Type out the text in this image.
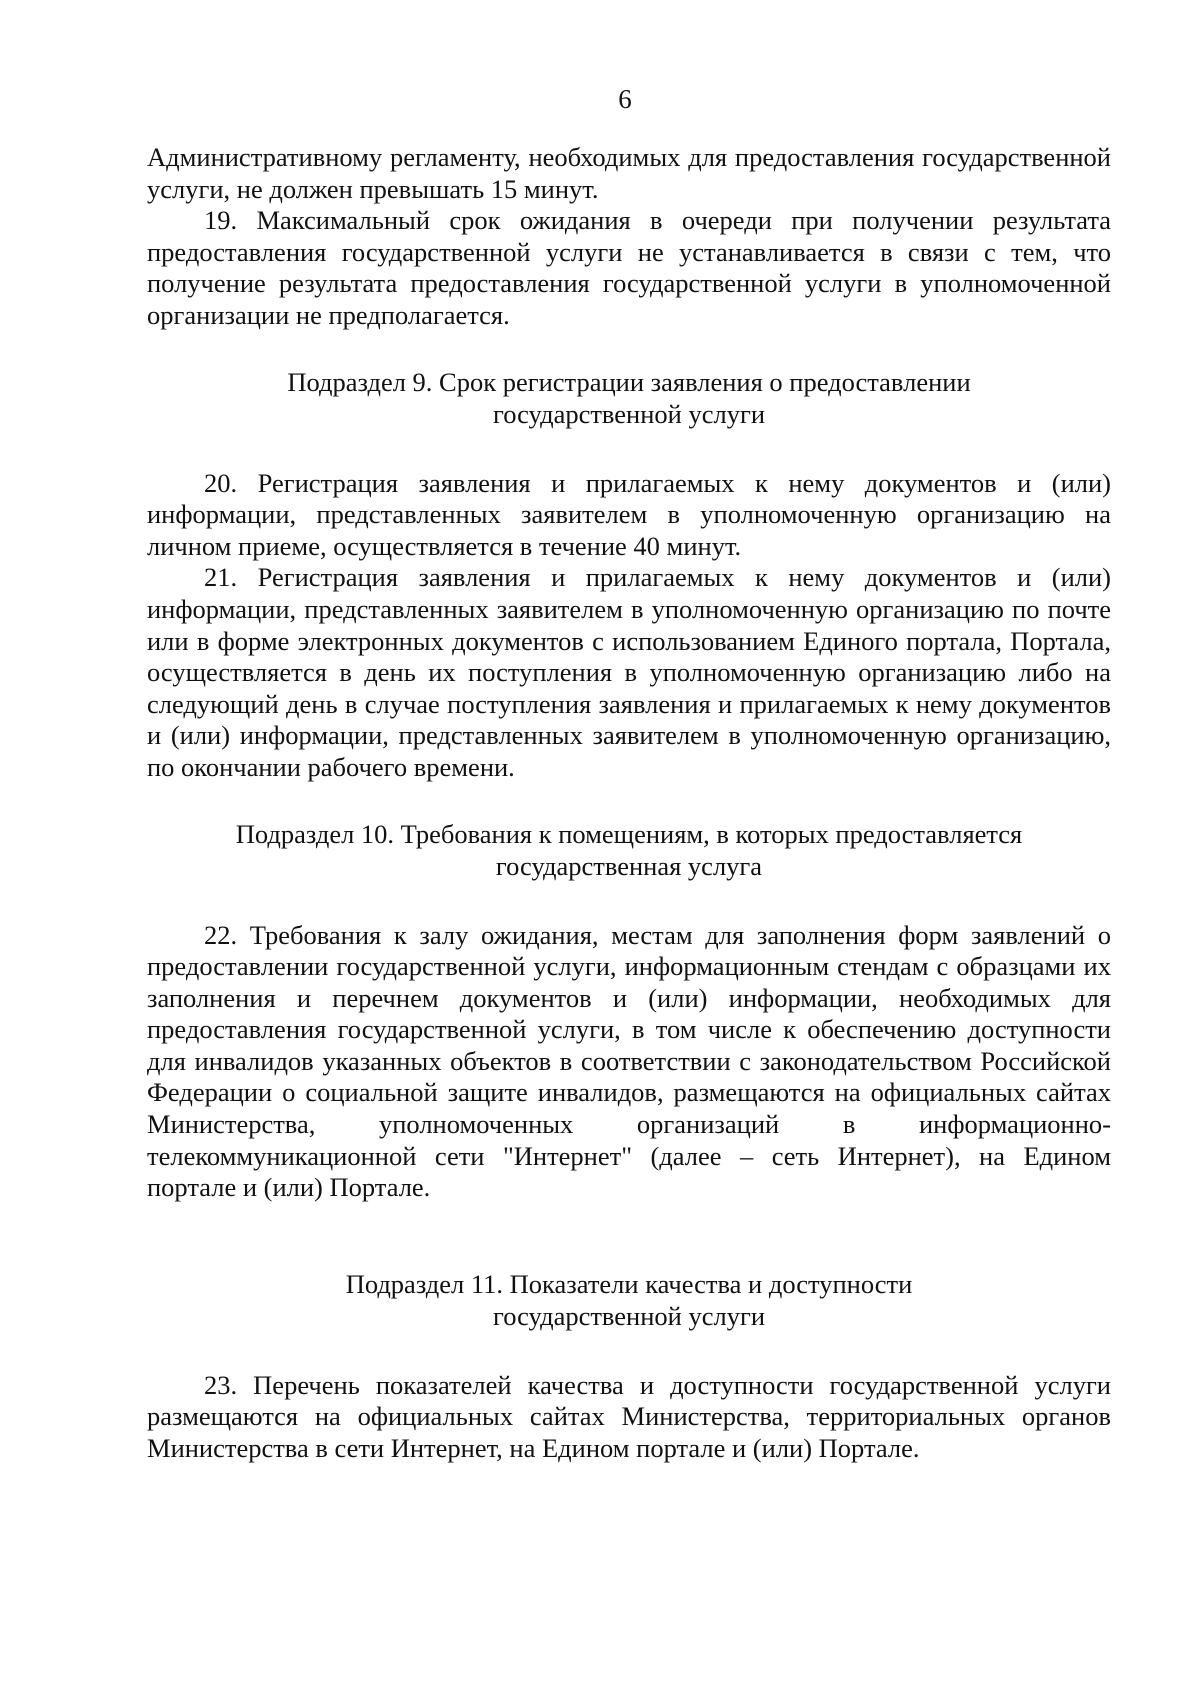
6

Административному регламенту, необходимых для предоставления государственной услуги, не должен превышать 15 минут.

19. Максимальный срок ожидания в очереди при получении результата предоставления государственной услуги не устанавливается в связи с тем, что получение результата предоставления государственной услуги в уполномоченной организации не предполагается.

Подраздел 9. Срок регистрации заявления о предоставлении
государственной услуги

20. Регистрация заявления и прилагаемых к нему документов и (или) информации, представленных заявителем в уполномоченную организацию на личном приеме, осуществляется в течение 40 минут.

21. Регистрация заявления и прилагаемых к нему документов и (или) информации, представленных заявителем в уполномоченную организацию по почте или в форме электронных документов с использованием Единого портала, Портала, осуществляется в день их поступления в уполномоченную организацию либо на следующий день в случае поступления заявления и прилагаемых к нему документов и (или) информации, представленных заявителем в уполномоченную организацию, по окончании рабочего времени.

Подраздел 10. Требования к помещениям, в которых предоставляется
государственная услуга

22. Требования к залу ожидания, местам для заполнения форм заявлений о предоставлении государственной услуги, информационным стендам с образцами их заполнения и перечнем документов и (или) информации, необходимых для предоставления государственной услуги, в том числе к обеспечению доступности для инвалидов указанных объектов в соответствии с законодательством Российской Федерации о социальной защите инвалидов, размещаются на официальных сайтах Министерства, уполномоченных организаций в информационно-телекоммуникационной сети "Интернет" (далее – сеть Интернет), на Едином портале и (или) Портале.

Подраздел 11. Показатели качества и доступности
государственной услуги

23. Перечень показателей качества и доступности государственной услуги размещаются на официальных сайтах Министерства, территориальных органов Министерства в сети Интернет, на Едином портале и (или) Портале.
